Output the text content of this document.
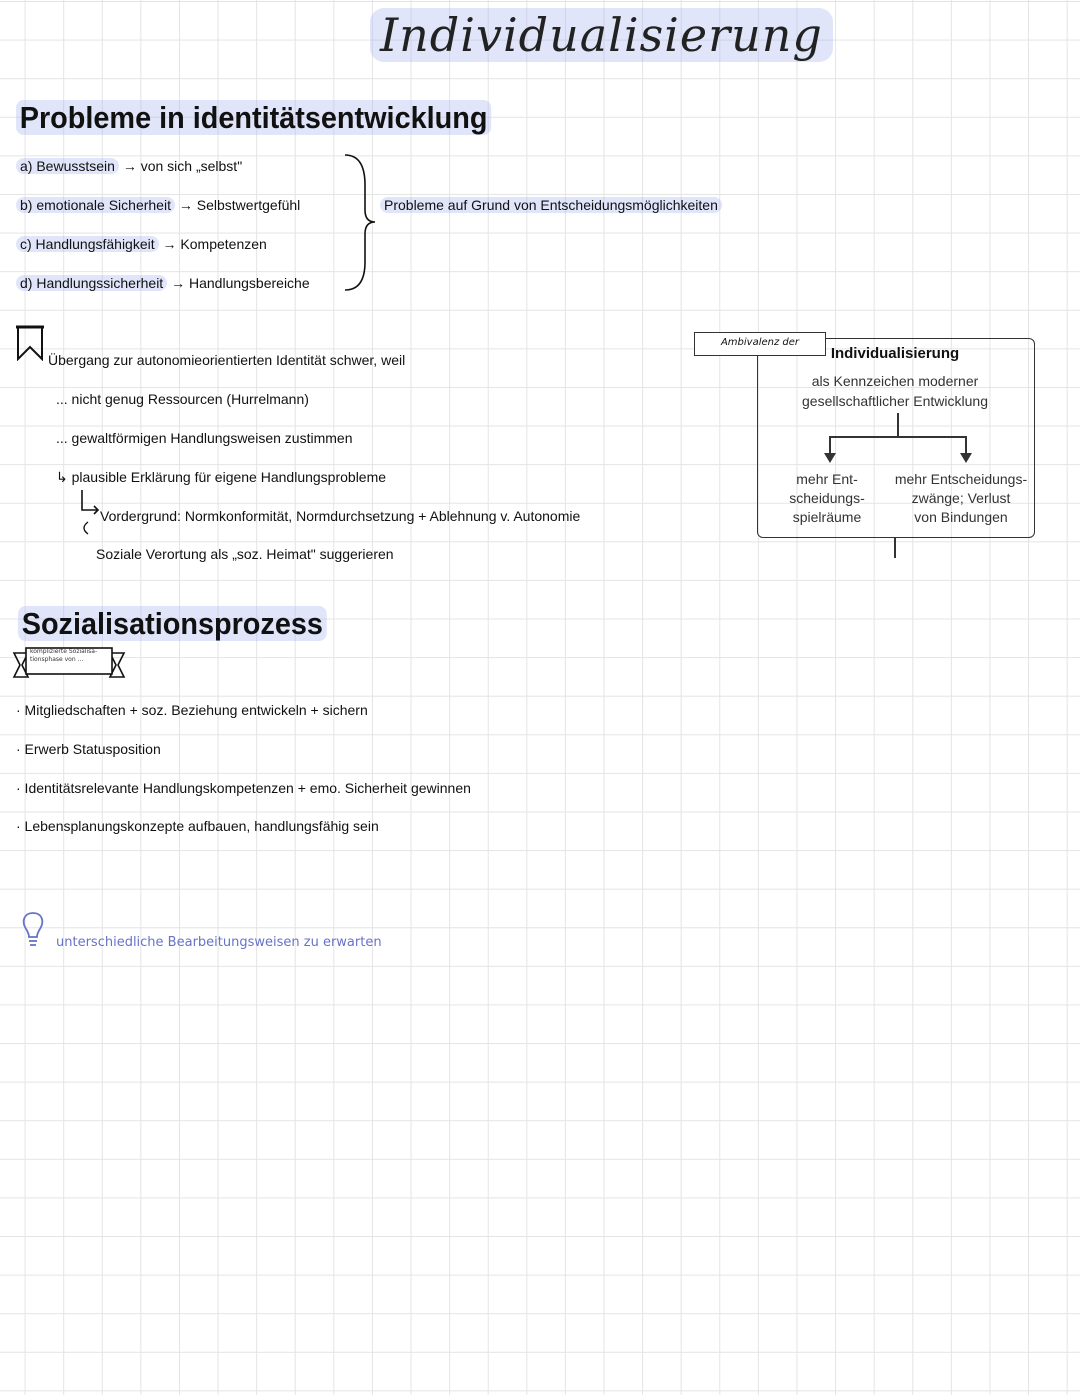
Individualisierung
Probleme in identitätsentwicklung
a) Bewusstsein → von sich „selbst"
b) emotionale Sicherheit → Selbstwertgefühl
c) Handlungsfähigkeit → Kompetenzen
d) Handlungssicherheit → Handlungsbereiche
Probleme auf Grund von Entscheidungsmöglichkeiten
Übergang zur autonomieorientierten Identität schwer, weil
... nicht genug Ressourcen (Hurrelmann)
... gewaltförmigen Handlungsweisen zustimmen
↳ plausible Erklärung für eigene Handlungsprobleme
Vordergrund: Normkonformität, Normdurchsetzung + Ablehnung v. Autonomie
Soziale Verortung als „soz. Heimat" suggerieren
Ambivalenz der
Individualisierung
als Kennzeichen moderner
gesellschaftlicher Entwicklung
mehr Ent-
scheidungs-
spielräume
mehr Entscheidungs-
zwänge; Verlust
von Bindungen
Sozialisationsprozess
komplizierte Sozialisa-
tionsphase von ...
· Mitgliedschaften + soz. Beziehung entwickeln + sichern
· Erwerb Statusposition
· Identitätsrelevante Handlungskompetenzen + emo. Sicherheit gewinnen
· Lebensplanungskonzepte aufbauen, handlungsfähig sein
unterschiedliche Bearbeitungsweisen zu erwarten
